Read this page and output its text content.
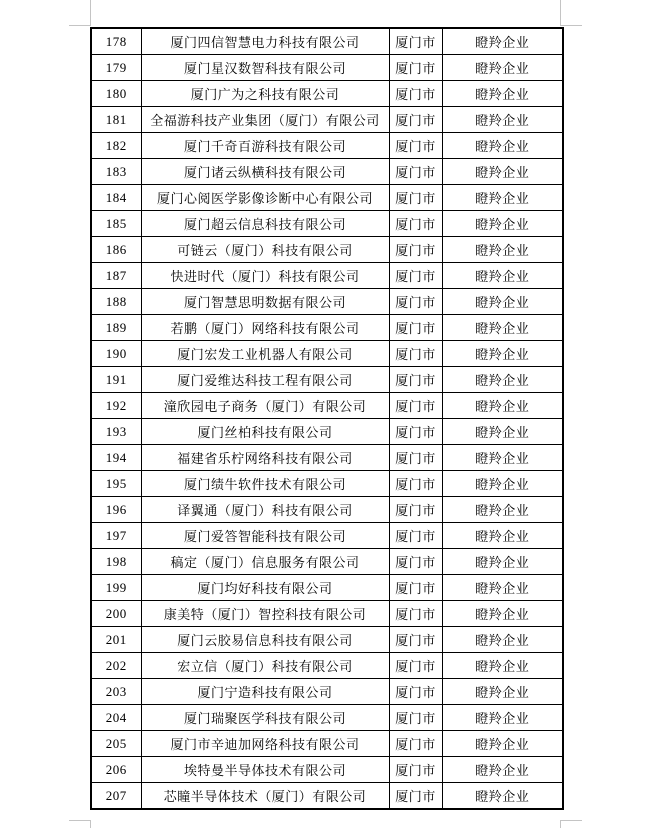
178	厦门四信智慧电力科技有限公司	厦门市	瞪羚企业
179	厦门星汉数智科技有限公司	厦门市	瞪羚企业
180	厦门广为之科技有限公司	厦门市	瞪羚企业
181	全福游科技产业集团（厦门）有限公司	厦门市	瞪羚企业
182	厦门千奇百游科技有限公司	厦门市	瞪羚企业
183	厦门诸云纵横科技有限公司	厦门市	瞪羚企业
184	厦门心阅医学影像诊断中心有限公司	厦门市	瞪羚企业
185	厦门超云信息科技有限公司	厦门市	瞪羚企业
186	可链云（厦门）科技有限公司	厦门市	瞪羚企业
187	快进时代（厦门）科技有限公司	厦门市	瞪羚企业
188	厦门智慧思明数据有限公司	厦门市	瞪羚企业
189	若鹏（厦门）网络科技有限公司	厦门市	瞪羚企业
190	厦门宏发工业机器人有限公司	厦门市	瞪羚企业
191	厦门爱维达科技工程有限公司	厦门市	瞪羚企业
192	潼欣园电子商务（厦门）有限公司	厦门市	瞪羚企业
193	厦门丝柏科技有限公司	厦门市	瞪羚企业
194	福建省乐柠网络科技有限公司	厦门市	瞪羚企业
195	厦门绩牛软件技术有限公司	厦门市	瞪羚企业
196	译翼通（厦门）科技有限公司	厦门市	瞪羚企业
197	厦门爱答智能科技有限公司	厦门市	瞪羚企业
198	稿定（厦门）信息服务有限公司	厦门市	瞪羚企业
199	厦门均好科技有限公司	厦门市	瞪羚企业
200	康美特（厦门）智控科技有限公司	厦门市	瞪羚企业
201	厦门云胶易信息科技有限公司	厦门市	瞪羚企业
202	宏立信（厦门）科技有限公司	厦门市	瞪羚企业
203	厦门宁造科技有限公司	厦门市	瞪羚企业
204	厦门瑞聚医学科技有限公司	厦门市	瞪羚企业
205	厦门市辛迪加网络科技有限公司	厦门市	瞪羚企业
206	埃特曼半导体技术有限公司	厦门市	瞪羚企业
207	芯瞳半导体技术（厦门）有限公司	厦门市	瞪羚企业
